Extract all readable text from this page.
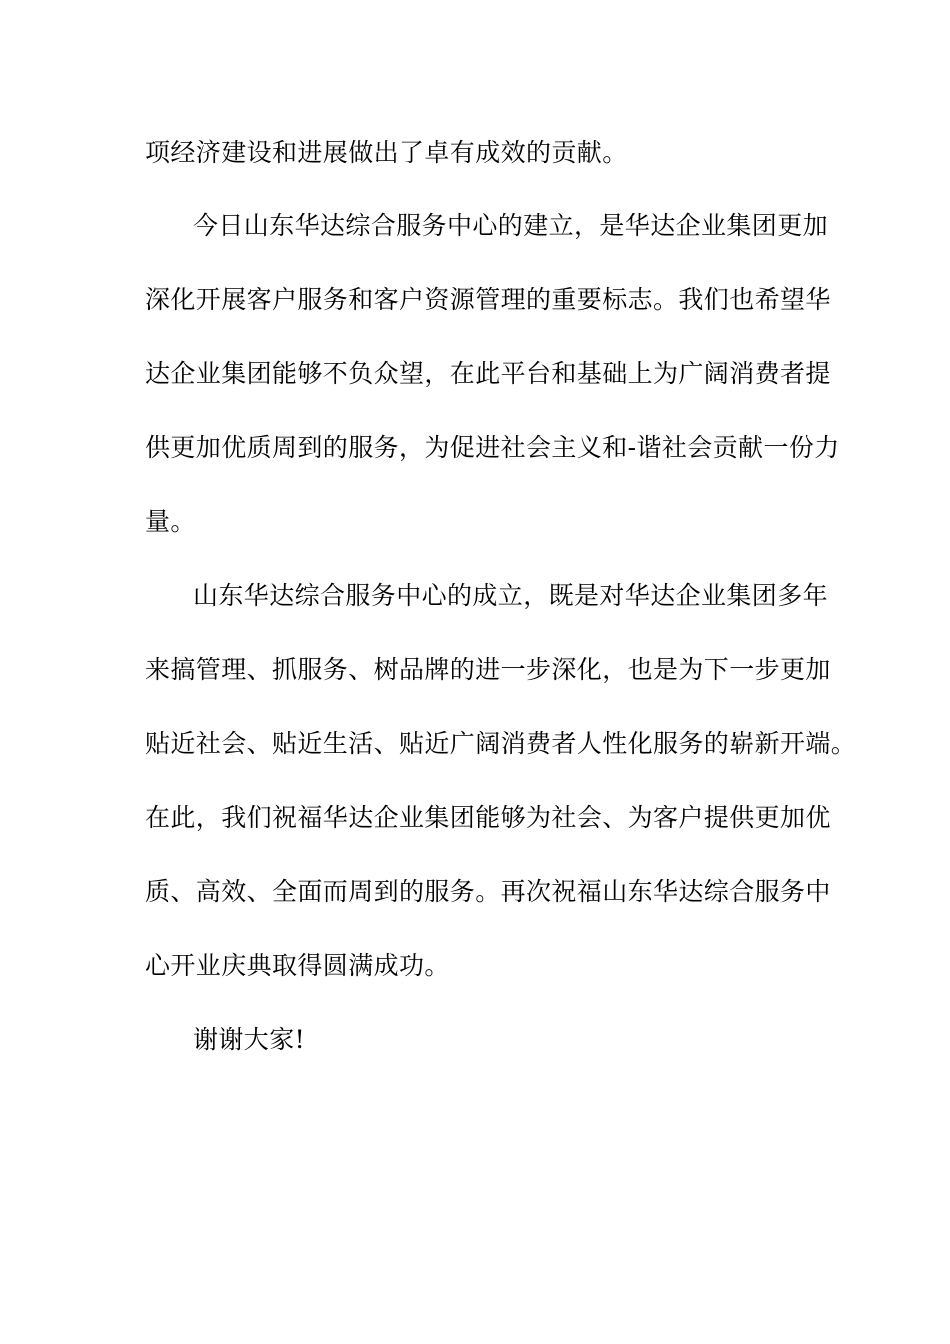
项经济建设和进展做出了卓有成效的贡献。

今日山东华达综合服务中心的建立，是华达企业集团更加

深化开展客户服务和客户资源管理的重要标志。我们也希望华

达企业集团能够不负众望，在此平台和基础上为广阔消费者提

供更加优质周到的服务，为促进社会主义和-谐社会贡献一份力

量。

山东华达综合服务中心的成立，既是对华达企业集团多年

来搞管理、抓服务、树品牌的进一步深化，也是为下一步更加

贴近社会、贴近生活、贴近广阔消费者人性化服务的崭新开端。

在此，我们祝福华达企业集团能够为社会、为客户提供更加优

质、高效、全面而周到的服务。再次祝福山东华达综合服务中

心开业庆典取得圆满成功。

谢谢大家!
